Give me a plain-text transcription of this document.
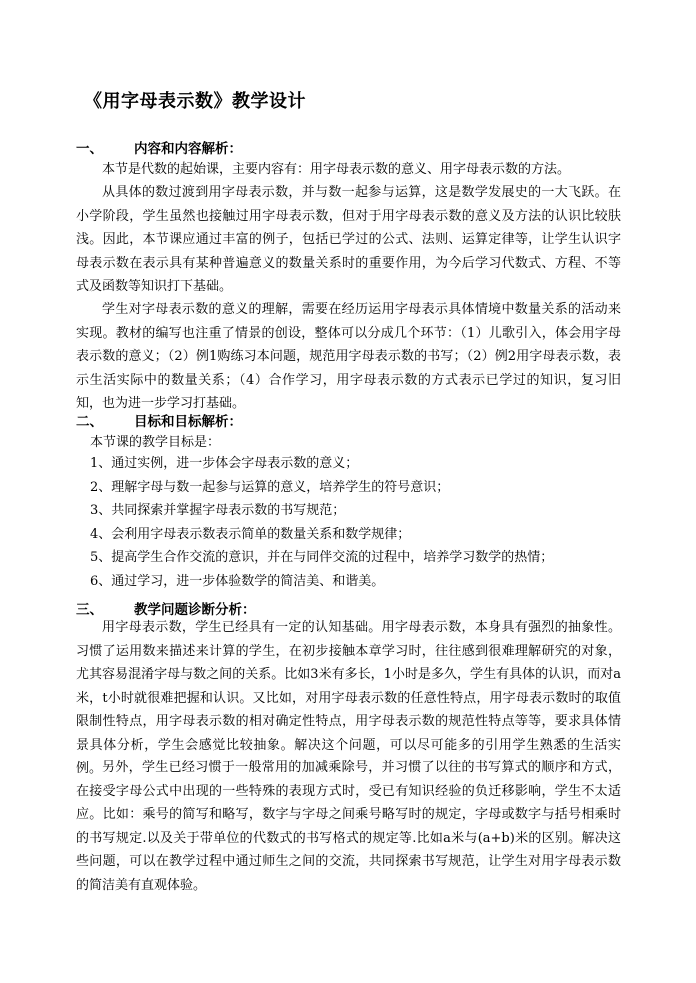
《用字母表示数》教学设计
一、 内容和内容解析：

本节是代数的起始课，主要内容有：用字母表示数的意义、用字母表示数的方法。

从具体的数过渡到用字母表示数，并与数一起参与运算，这是数学发展史的一大飞跃。在小学阶段，学生虽然也接触过用字母表示数，但对于用字母表示数的意义及方法的认识比较肤浅。因此，本节课应通过丰富的例子，包括已学过的公式、法则、运算定律等，让学生认识字母表示数在表示具有某种普遍意义的数量关系时的重要作用，为今后学习代数式、方程、不等式及函数等知识打下基础。

学生对字母表示数的意义的理解，需要在经历运用字母表示具体情境中数量关系的活动来实现。教材的编写也注重了情景的创设，整体可以分成几个环节：（1）儿歌引入，体会用字母表示数的意义；（2）例1购练习本问题，规范用字母表示数的书写；（2）例2用字母表示数，表示生活实际中的数量关系；（4）合作学习，用字母表示数的方式表示已学过的知识，复习旧知，也为进一步学习打基础。

二、 目标和目标解析：
本节课的教学目标是：
1、通过实例，进一步体会字母表示数的意义；
2、理解字母与数一起参与运算的意义，培养学生的符号意识；
3、共同探索并掌握字母表示数的书写规范；
4、会利用字母表示数表示简单的数量关系和数学规律；
5、提高学生合作交流的意识，并在与同伴交流的过程中，培养学习数学的热情；
6、通过学习，进一步体验数学的简洁美、和谐美。
三、 教学问题诊断分析：

用字母表示数，学生已经具有一定的认知基础。用字母表示数，本身具有强烈的抽象性。习惯了运用数来描述来计算的学生，在初步接触本章学习时，往往感到很难理解研究的对象，尤其容易混淆字母与数之间的关系。比如3米有多长，1小时是多久，学生有具体的认识，而对a米，t小时就很难把握和认识。又比如，对用字母表示数的任意性特点，用字母表示数时的取值限制性特点，用字母表示数的相对确定性特点，用字母表示数的规范性特点等等，要求具体情景具体分析，学生会感觉比较抽象。解决这个问题，可以尽可能多的引用学生熟悉的生活实例。 另外，学生已经习惯于一般常用的加减乘除号，并习惯了以往的书写算式的顺序和方式，在接受字母公式中出现的一些特殊的表现方式时，受已有知识经验的负迁移影响，学生不太适应。比如：乘号的简写和略写，数字与字母之间乘号略写时的规定，字母或数字与括号相乘时的书写规定.以及关于带单位的代数式的书写格式的规定等.比如a米与(a+b)米的区别。解决这些问题，可以在教学过程中通过师生之间的交流，共同探索书写规范，让学生对用字母表示数的简洁美有直观体验。
